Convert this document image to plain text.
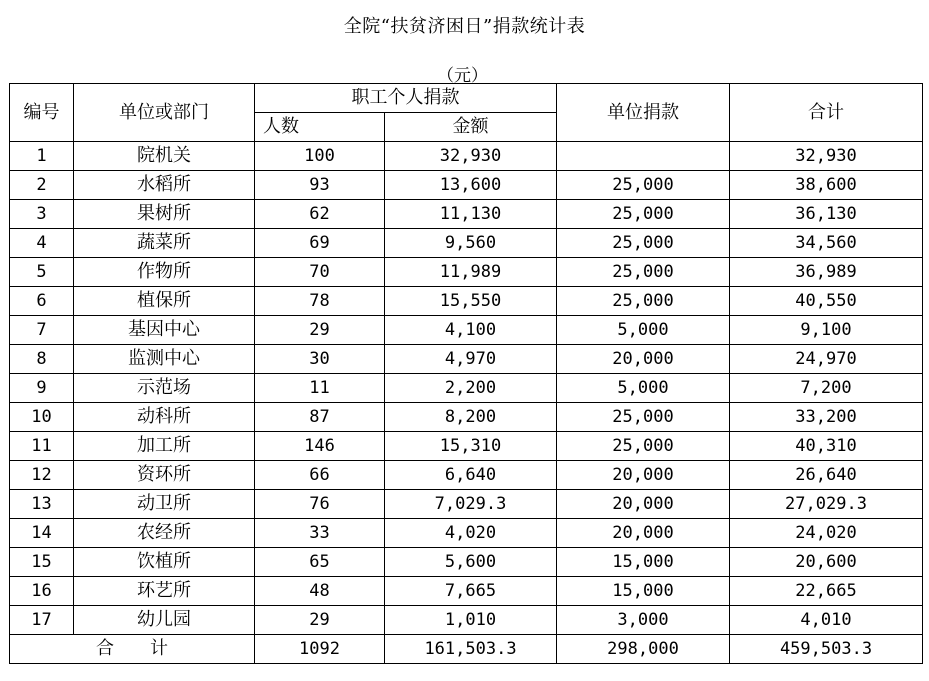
全院“扶贫济困日”捐款统计表
（元）
编号	单位或部门	职工个人捐款		单位捐款	合计
		人数	金额		
1	院机关	100	32,930		32,930
2	水稻所	93	13,600	25,000	38,600
3	果树所	62	11,130	25,000	36,130
4	蔬菜所	69	9,560	25,000	34,560
5	作物所	70	11,989	25,000	36,989
6	植保所	78	15,550	25,000	40,550
7	基因中心	29	4,100	5,000	9,100
8	监测中心	30	4,970	20,000	24,970
9	示范场	11	2,200	5,000	7,200
10	动科所	87	8,200	25,000	33,200
11	加工所	146	15,310	25,000	40,310
12	资环所	66	6,640	20,000	26,640
13	动卫所	76	7,029.3	20,000	27,029.3
14	农经所	33	4,020	20,000	24,020
15	饮植所	65	5,600	15,000	20,600
16	环艺所	48	7,665	15,000	22,665
17	幼儿园	29	1,010	3,000	4,010
合　　计		1092	161,503.3	298,000	459,503.3
